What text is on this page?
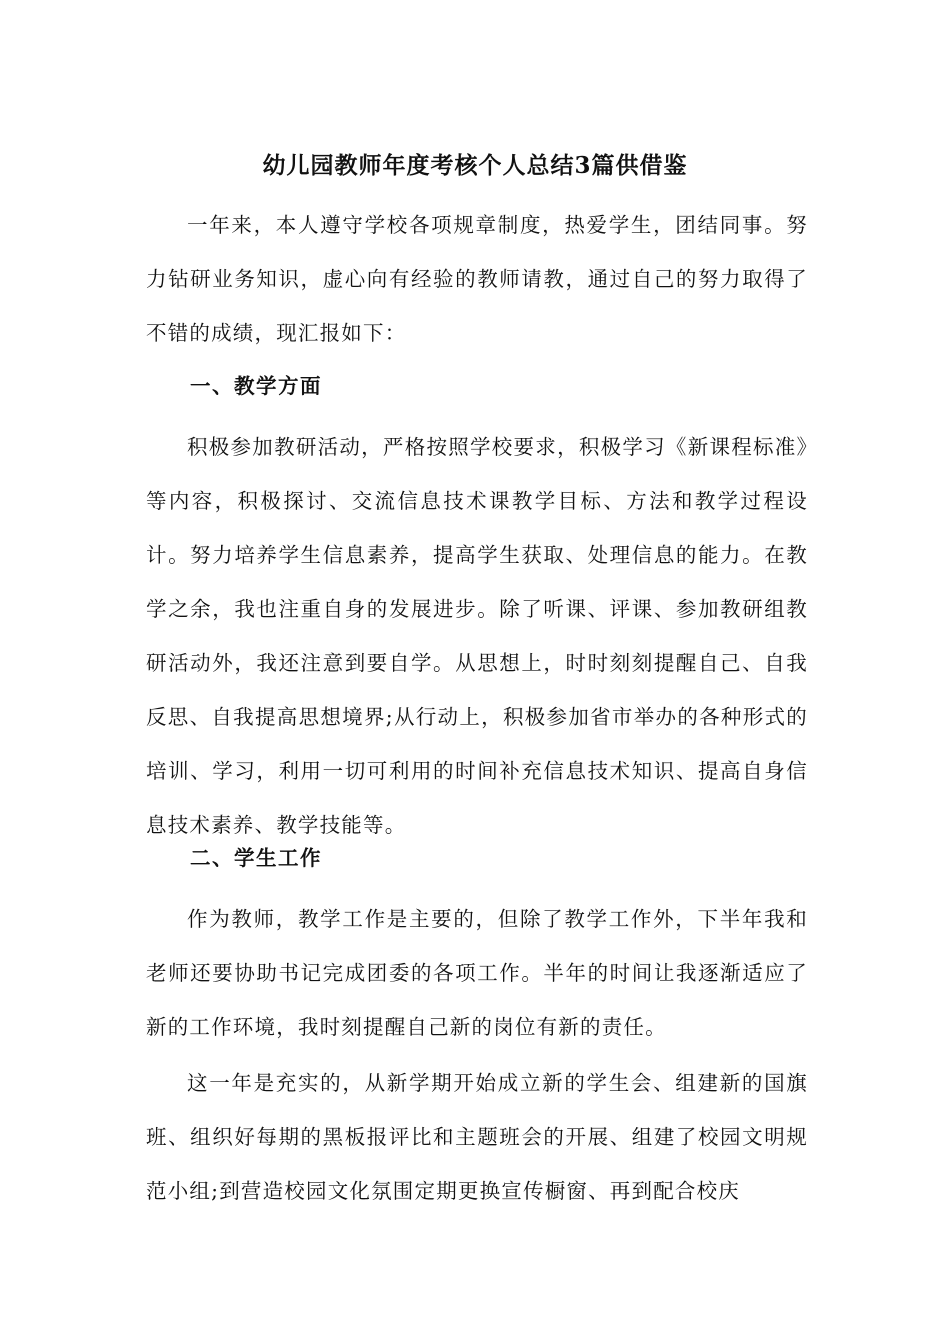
幼儿园教师年度考核个人总结3篇供借鉴

一年来，本人遵守学校各项规章制度，热爱学生，团结同事。努力钻研业务知识，虚心向有经验的教师请教，通过自己的努力取得了不错的成绩，现汇报如下：

一、教学方面

积极参加教研活动，严格按照学校要求，积极学习《新课程标准》等内容，积极探讨、交流信息技术课教学目标、方法和教学过程设计。努力培养学生信息素养，提高学生获取、处理信息的能力。在教学之余，我也注重自身的发展进步。除了听课、评课、参加教研组教研活动外，我还注意到要自学。从思想上，时时刻刻提醒自己、自我反思、自我提高思想境界;从行动上，积极参加省市举办的各种形式的培训、学习，利用一切可利用的时间补充信息技术知识、提高自身信息技术素养、教学技能等。

二、学生工作

作为教师，教学工作是主要的，但除了教学工作外，下半年我和老师还要协助书记完成团委的各项工作。半年的时间让我逐渐适应了新的工作环境，我时刻提醒自己新的岗位有新的责任。

这一年是充实的，从新学期开始成立新的学生会、组建新的国旗班、组织好每期的黑板报评比和主题班会的开展、组建了校园文明规范小组;到营造校园文化氛围定期更换宣传橱窗、再到配合校庆
